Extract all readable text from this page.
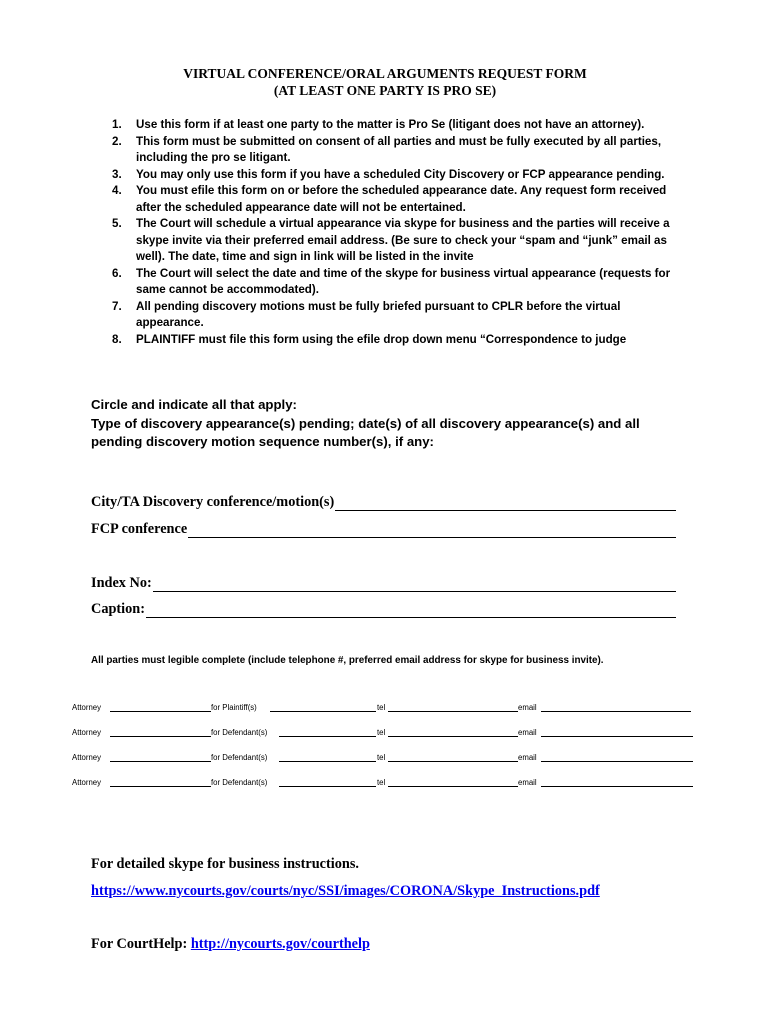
VIRTUAL CONFERENCE/ORAL ARGUMENTS REQUEST FORM
(AT LEAST ONE PARTY IS PRO SE)
1. Use this form if at least one party to the matter is Pro Se (litigant does not have an attorney).
2. This form must be submitted on consent of all parties and must be fully executed by all parties, including the pro se litigant.
3. You may only use this form if you have a scheduled City Discovery or FCP appearance pending.
4. You must efile this form on or before the scheduled appearance date. Any request form received after the scheduled appearance date will not be entertained.
5. The Court will schedule a virtual appearance via skype for business and the parties will receive a skype invite via their preferred email address. (Be sure to check your “spam and “junk” email as well). The date, time and sign in link will be listed in the invite
6. The Court will select the date and time of the skype for business virtual appearance (requests for same cannot be accommodated).
7. All pending discovery motions must be fully briefed pursuant to CPLR before the virtual appearance.
8. PLAINTIFF must file this form using the efile drop down menu “Correspondence to judge
Circle and indicate all that apply:
Type of discovery appearance(s) pending; date(s) of all discovery appearance(s) and all pending discovery motion sequence number(s), if any:
City/TA Discovery conference/motion(s)
FCP conference
Index No:
Caption:
All parties must legible complete (include telephone #, preferred email address for skype for business invite).
Attorney	for Plaintiff(s)	tel	email
Attorney	for Defendant(s)	tel	email
Attorney	for Defendant(s)	tel	email
Attorney	for Defendant(s)	tel	email
For detailed skype for business instructions.
https://www.nycourts.gov/courts/nyc/SSI/images/CORONA/Skype_Instructions.pdf
For CourtHelp: http://nycourts.gov/courthelp
